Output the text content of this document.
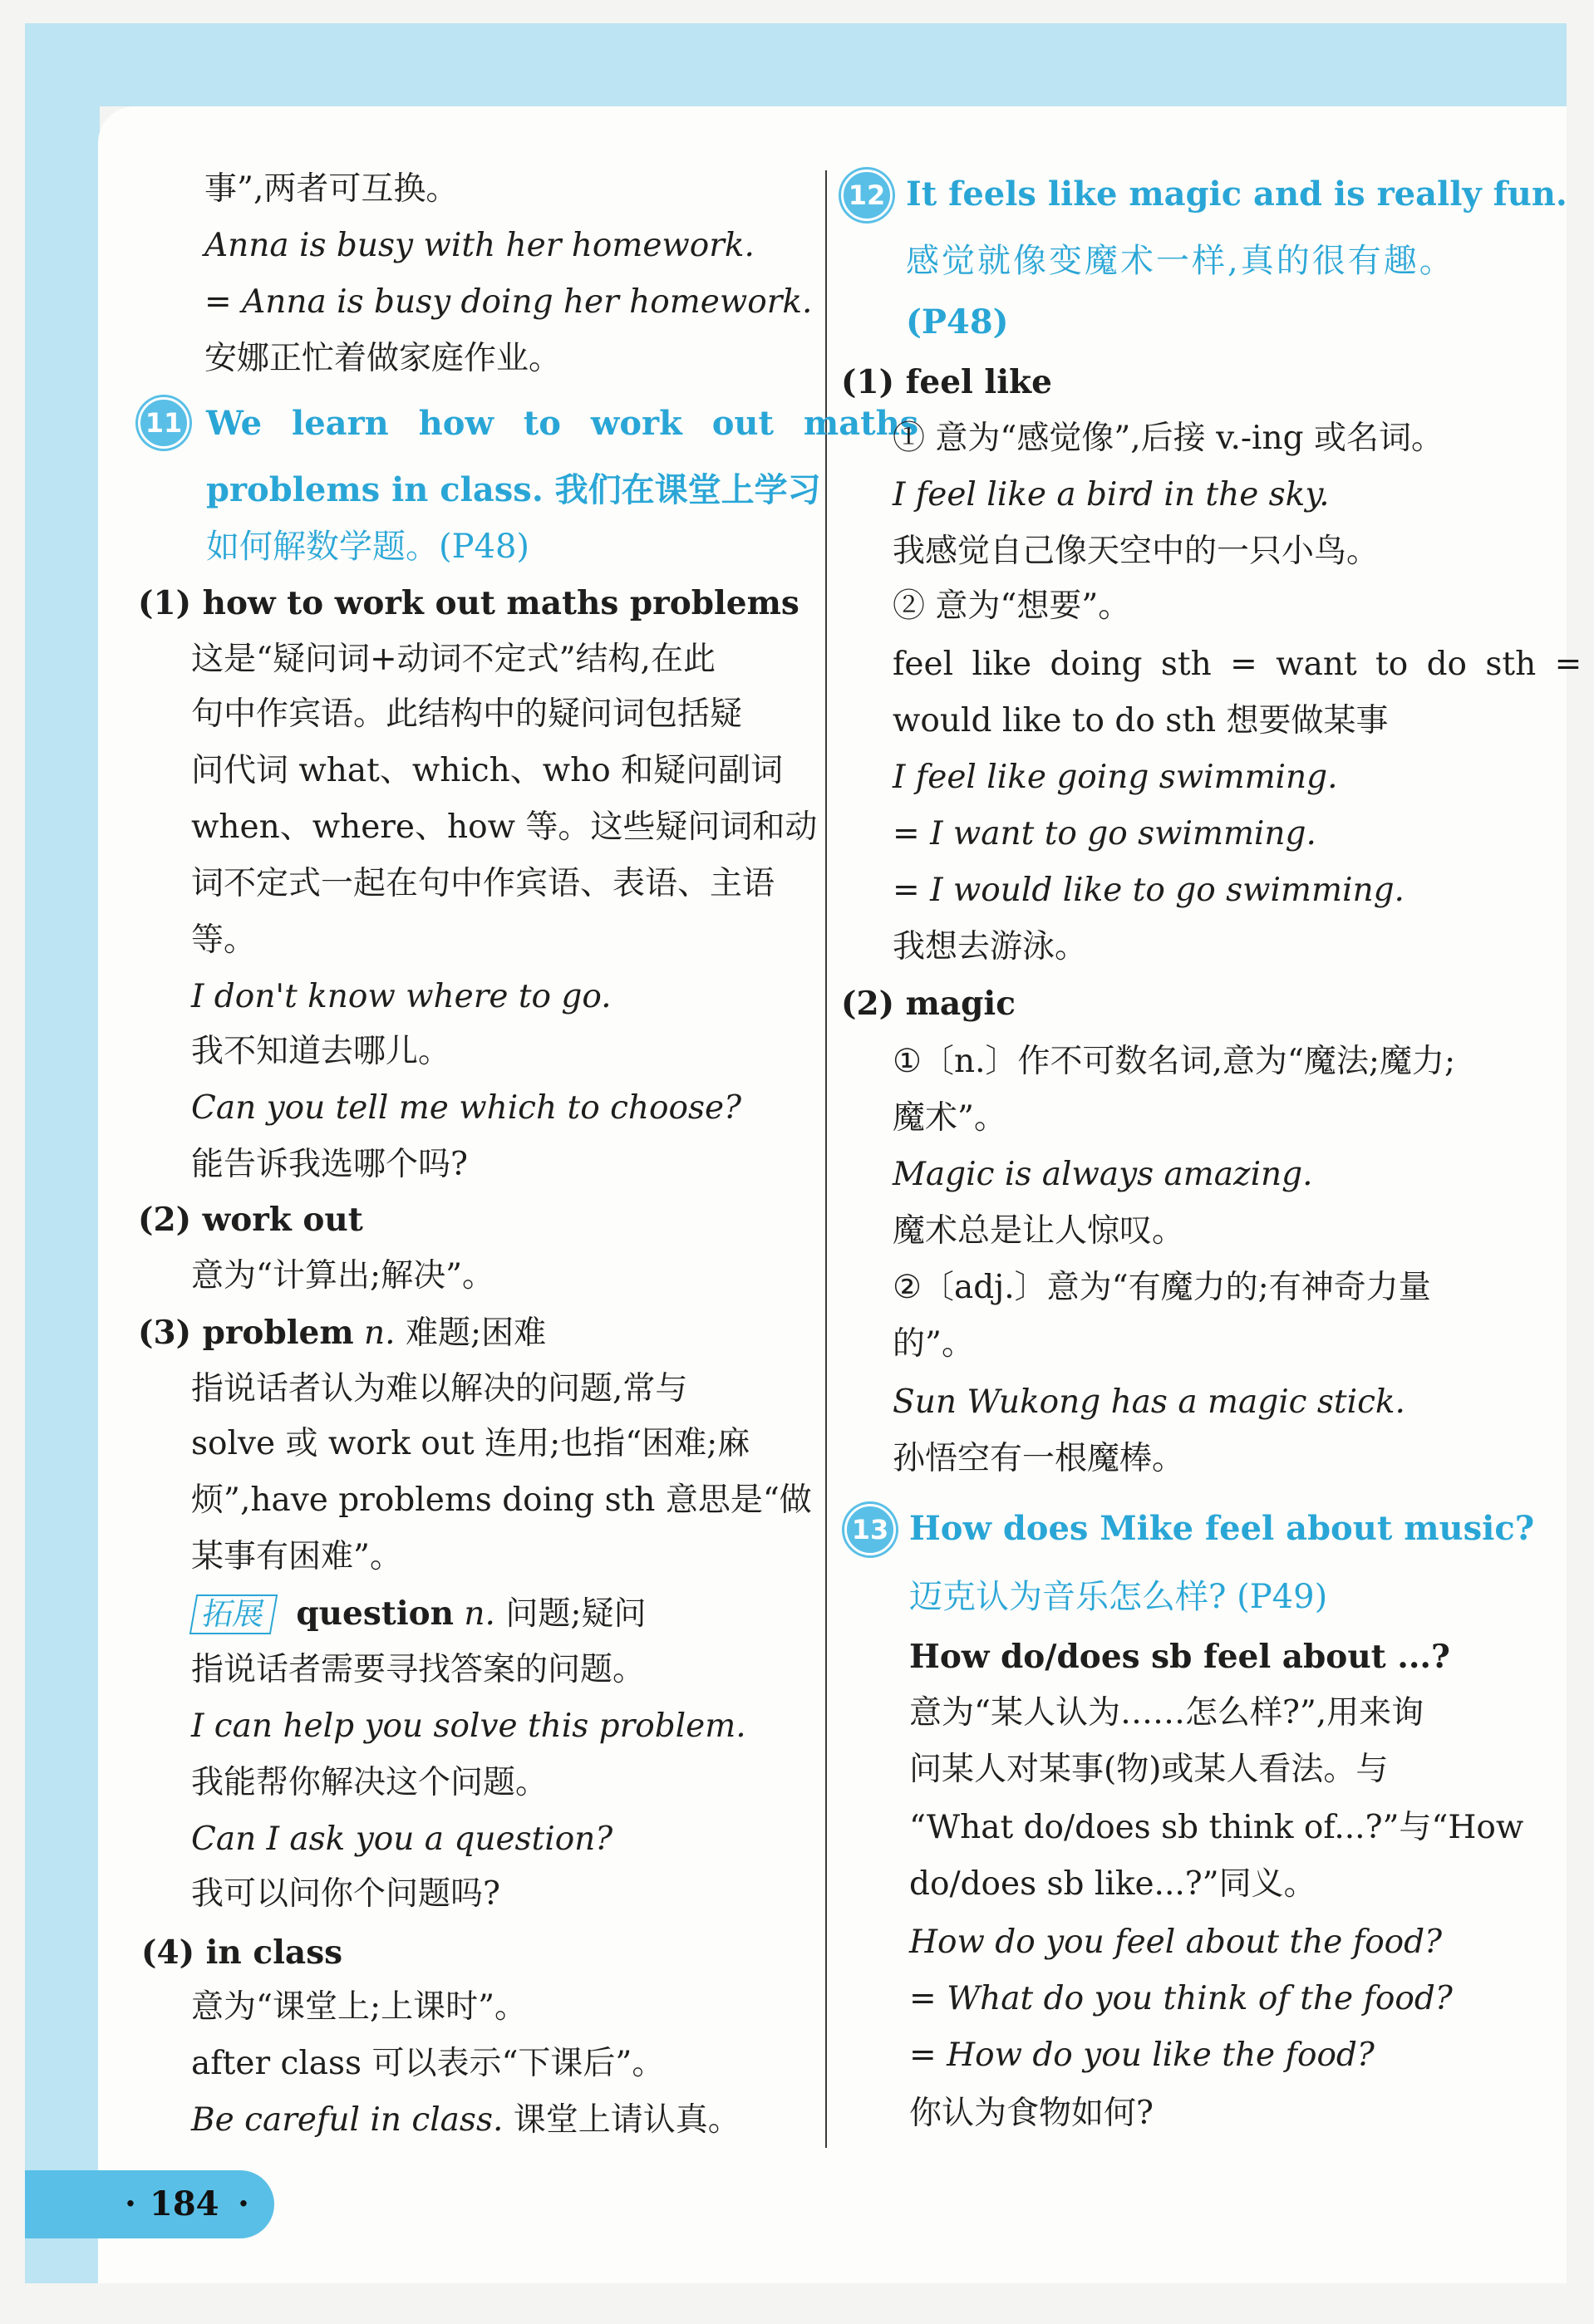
事”,两者可互换。
Anna is busy with her homework.
= Anna is busy doing her homework.
安娜正忙着做家庭作业。
11 We learn how to work out maths
problems in class. 我们在课堂上学习
如何解数学题。(P48)
(1) how to work out maths problems
这是“疑问词+动词不定式”结构,在此
句中作宾语。此结构中的疑问词包括疑
问代词 what、which、who 和疑问副词
when、where、how 等。这些疑问词和动
词不定式一起在句中作宾语、表语、主语
等。
I don't know where to go.
我不知道去哪儿。
Can you tell me which to choose?
能告诉我选哪个吗?
(2) work out
意为“计算出;解决”。
(3) problem n. 难题;困难
指说话者认为难以解决的问题,常与
solve 或 work out 连用;也指“困难;麻
烦”,have problems doing sth 意思是“做
某事有困难”。
拓展 question n. 问题;疑问
指说话者需要寻找答案的问题。
I can help you solve this problem.
我能帮你解决这个问题。
Can I ask you a question?
我可以问你个问题吗?
(4) in class
意为“课堂上;上课时”。
after class 可以表示“下课后”。
Be careful in class. 课堂上请认真。
12 It feels like magic and is really fun.
感觉就像变魔术一样,真的很有趣。
(P48)
(1) feel like
① 意为“感觉像”,后接 v.-ing 或名词。
I feel like a bird in the sky.
我感觉自己像天空中的一只小鸟。
② 意为“想要”。
feel like doing sth = want to do sth =
would like to do sth 想要做某事
I feel like going swimming.
= I want to go swimming.
= I would like to go swimming.
我想去游泳。
(2) magic
①〔n.〕作不可数名词,意为“魔法;魔力;
魔术”。
Magic is always amazing.
魔术总是让人惊叹。
②〔adj.〕意为“有魔力的;有神奇力量
的”。
Sun Wukong has a magic stick.
孙悟空有一根魔棒。
13 How does Mike feel about music?
迈克认为音乐怎么样? (P49)
How do/does sb feel about ...?
意为“某人认为……怎么样?”,用来询
问某人对某事(物)或某人看法。与
“What do/does sb think of...?”与“How
do/does sb like...?”同义。
How do you feel about the food?
= What do you think of the food?
= How do you like the food?
你认为食物如何?
· 184 ·
